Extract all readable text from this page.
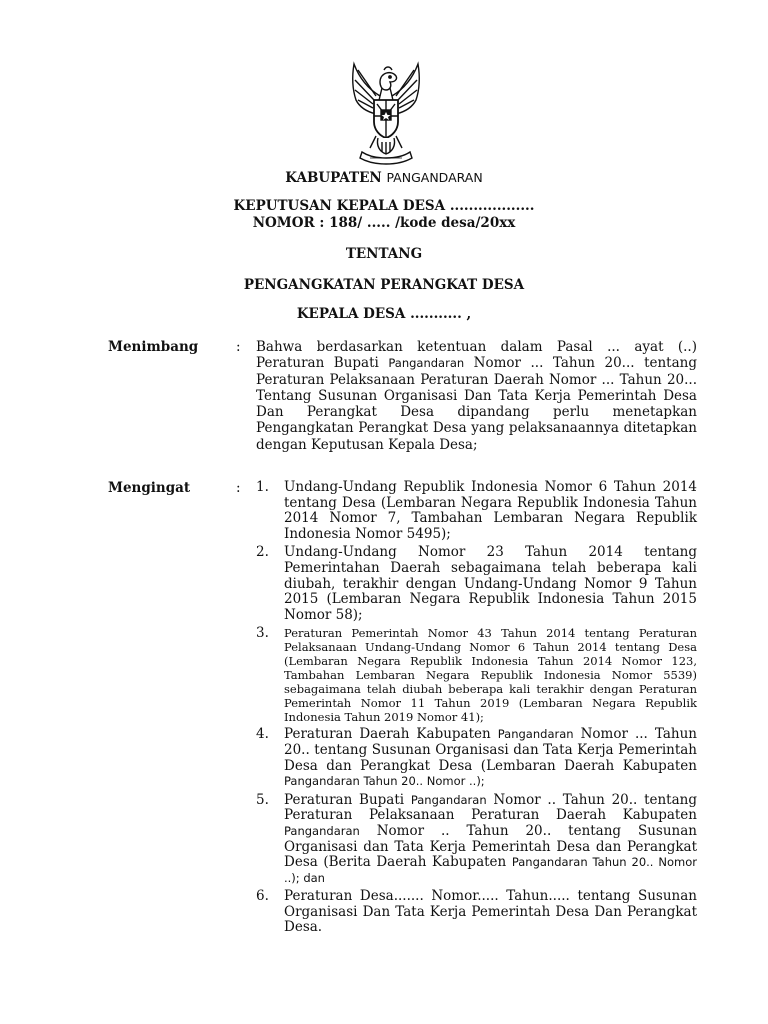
KABUPATEN PANGANDARAN
KEPUTUSAN KEPALA DESA ..................
NOMOR : 188/ ..... /kode desa/20xx
TENTANG
PENGANGKATAN PERANGKAT DESA
KEPALA DESA ........... ,
Menimbang	: Bahwa berdasarkan ketentuan dalam Pasal ... ayat (..) Peraturan Bupati Pangandaran Nomor ... Tahun 20... tentang Peraturan Pelaksanaan Peraturan Daerah Nomor ... Tahun 20... Tentang Susunan Organisasi Dan Tata Kerja Pemerintah Desa Dan Perangkat Desa dipandang perlu menetapkan Pengangkatan Perangkat Desa yang pelaksanaannya ditetapkan dengan Keputusan Kepala Desa;
Mengingat	: 1. Undang-Undang Republik Indonesia Nomor 6 Tahun 2014 tentang Desa (Lembaran Negara Republik Indonesia Tahun 2014 Nomor 7, Tambahan Lembaran Negara Republik Indonesia Nomor 5495);
2. Undang-Undang Nomor 23 Tahun 2014 tentang Pemerintahan Daerah sebagaimana telah beberapa kali diubah, terakhir dengan Undang-Undang Nomor 9 Tahun 2015 (Lembaran Negara Republik Indonesia Tahun 2015 Nomor 58);
3. Peraturan Pemerintah Nomor 43 Tahun 2014 tentang Peraturan Pelaksanaan Undang-Undang Nomor 6 Tahun 2014 tentang Desa (Lembaran Negara Republik Indonesia Tahun 2014 Nomor 123, Tambahan Lembaran Negara Republik Indonesia Nomor 5539) sebagaimana telah diubah beberapa kali terakhir dengan Peraturan Pemerintah Nomor 11 Tahun 2019 (Lembaran Negara Republik Indonesia Tahun 2019 Nomor 41);
4. Peraturan Daerah Kabupaten Pangandaran Nomor ... Tahun 20.. tentang Susunan Organisasi dan Tata Kerja Pemerintah Desa dan Perangkat Desa (Lembaran Daerah Kabupaten Pangandaran Tahun 20.. Nomor ..);
5. Peraturan Bupati Pangandaran Nomor .. Tahun 20.. tentang Peraturan Pelaksanaan Peraturan Daerah Kabupaten Pangandaran Nomor .. Tahun 20.. tentang Susunan Organisasi dan Tata Kerja Pemerintah Desa dan Perangkat Desa (Berita Daerah Kabupaten Pangandaran Tahun 20.. Nomor ..); dan
6. Peraturan Desa....... Nomor..... Tahun..... tentang Susunan Organisasi Dan Tata Kerja Pemerintah Desa Dan Perangkat Desa.
